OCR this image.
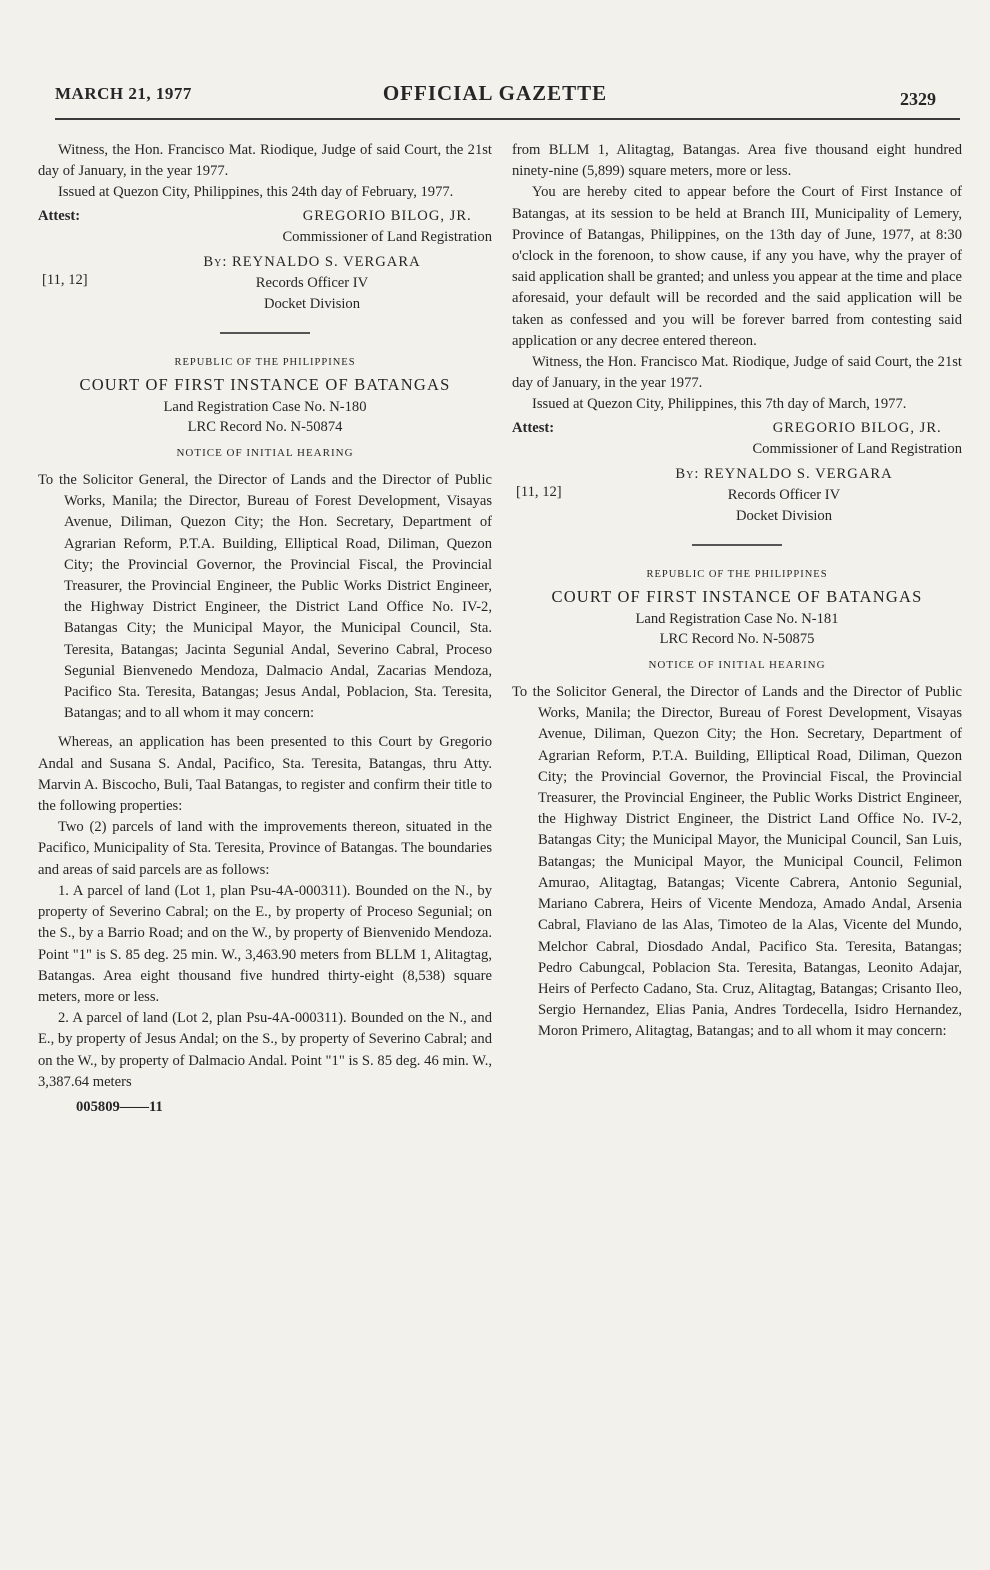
MARCH 21, 1977	OFFICIAL GAZETTE	2329

Witness, the Hon. Francisco Mat. Riodique, Judge of said Court, the 21st day of January, in the year 1977.

Issued at Quezon City, Philippines, this 24th day of February, 1977.

Attest:	GREGORIO BILOG, JR.
Commissioner of Land Registration
[11, 12]
By: REYNALDO S. VERGARA
Records Officer IV
Docket Division
REPUBLIC OF THE PHILIPPINES
COURT OF FIRST INSTANCE OF BATANGAS
Land Registration Case No. N-180
LRC Record No. N-50874
NOTICE OF INITIAL HEARING

To the Solicitor General, the Director of Lands and the Director of Public Works, Manila; the Director, Bureau of Forest Development, Visayas Avenue, Diliman, Quezon City; the Hon. Secretary, Department of Agrarian Reform, P.T.A. Building, Elliptical Road, Diliman, Quezon City; the Provincial Governor, the Provincial Fiscal, the Provincial Treasurer, the Provincial Engineer, the Public Works District Engineer, the Highway District Engineer, the District Land Office No. IV-2, Batangas City; the Municipal Mayor, the Municipal Council, Sta. Teresita, Batangas; Jacinta Segunial Andal, Severino Cabral, Proceso Segunial Bienvenedo Mendoza, Dalmacio Andal, Zacarias Mendoza, Pacifico Sta. Teresita, Batangas; Jesus Andal, Poblacion, Sta. Teresita, Batangas; and to all whom it may concern:

Whereas, an application has been presented to this Court by Gregorio Andal and Susana S. Andal, Pacifico, Sta. Teresita, Batangas, thru Atty. Marvin A. Biscocho, Buli, Taal Batangas, to register and confirm their title to the following properties:

Two (2) parcels of land with the improvements thereon, situated in the Pacifico, Municipality of Sta. Teresita, Province of Batangas. The boundaries and areas of said parcels are as follows:

1. A parcel of land (Lot 1, plan Psu-4A-000311). Bounded on the N., by property of Severino Cabral; on the E., by property of Proceso Segunial; on the S., by a Barrio Road; and on the W., by property of Bienvenido Mendoza. Point "1" is S. 85 deg. 25 min. W., 3,463.90 meters from BLLM 1, Alitagtag, Batangas. Area eight thousand five hundred thirty-eight (8,538) square meters, more or less.

2. A parcel of land (Lot 2, plan Psu-4A-000311). Bounded on the N., and E., by property of Jesus Andal; on the S., by property of Severino Cabral; and on the W., by property of Dalmacio Andal. Point "1" is S. 85 deg. 46 min. W., 3,387.64 meters

005809——11

from BLLM 1, Alitagtag, Batangas. Area five thousand eight hundred ninety-nine (5,899) square meters, more or less.

You are hereby cited to appear before the Court of First Instance of Batangas, at its session to be held at Branch III, Municipality of Lemery, Province of Batangas, Philippines, on the 13th day of June, 1977, at 8:30 o'clock in the forenoon, to show cause, if any you have, why the prayer of said application shall be granted; and unless you appear at the time and place aforesaid, your default will be recorded and the said application will be taken as confessed and you will be forever barred from contesting said application or any decree entered thereon.

Witness, the Hon. Francisco Mat. Riodique, Judge of said Court, the 21st day of January, in the year 1977.

Issued at Quezon City, Philippines, this 7th day of March, 1977.

Attest:	GREGORIO BILOG, JR.
Commissioner of Land Registration
[11, 12]
By: REYNALDO S. VERGARA
Records Officer IV
Docket Division
REPUBLIC OF THE PHILIPPINES
COURT OF FIRST INSTANCE OF BATANGAS
Land Registration Case No. N-181
LRC Record No. N-50875
NOTICE OF INITIAL HEARING

To the Solicitor General, the Director of Lands and the Director of Public Works, Manila; the Director, Bureau of Forest Development, Visayas Avenue, Diliman, Quezon City; the Hon. Secretary, Department of Agrarian Reform, P.T.A. Building, Elliptical Road, Diliman, Quezon City; the Provincial Governor, the Provincial Fiscal, the Provincial Treasurer, the Provincial Engineer, the Public Works District Engineer, the Highway District Engineer, the District Land Office No. IV-2, Batangas City; the Municipal Mayor, the Municipal Council, San Luis, Batangas; the Municipal Mayor, the Municipal Council, Felimon Amurao, Alitagtag, Batangas; Vicente Cabrera, Antonio Segunial, Mariano Cabrera, Heirs of Vicente Mendoza, Amado Andal, Arsenia Cabral, Flaviano de las Alas, Timoteo de la Alas, Vicente del Mundo, Melchor Cabral, Diosdado Andal, Pacifico Sta. Teresita, Batangas; Pedro Cabungcal, Poblacion Sta. Teresita, Batangas, Leonito Adajar, Heirs of Perfecto Cadano, Sta. Cruz, Alitagtag, Batangas; Crisanto Ileo, Sergio Hernandez, Elias Pania, Andres Tordecella, Isidro Hernandez, Moron Primero, Alitagtag, Batangas; and to all whom it may concern:
